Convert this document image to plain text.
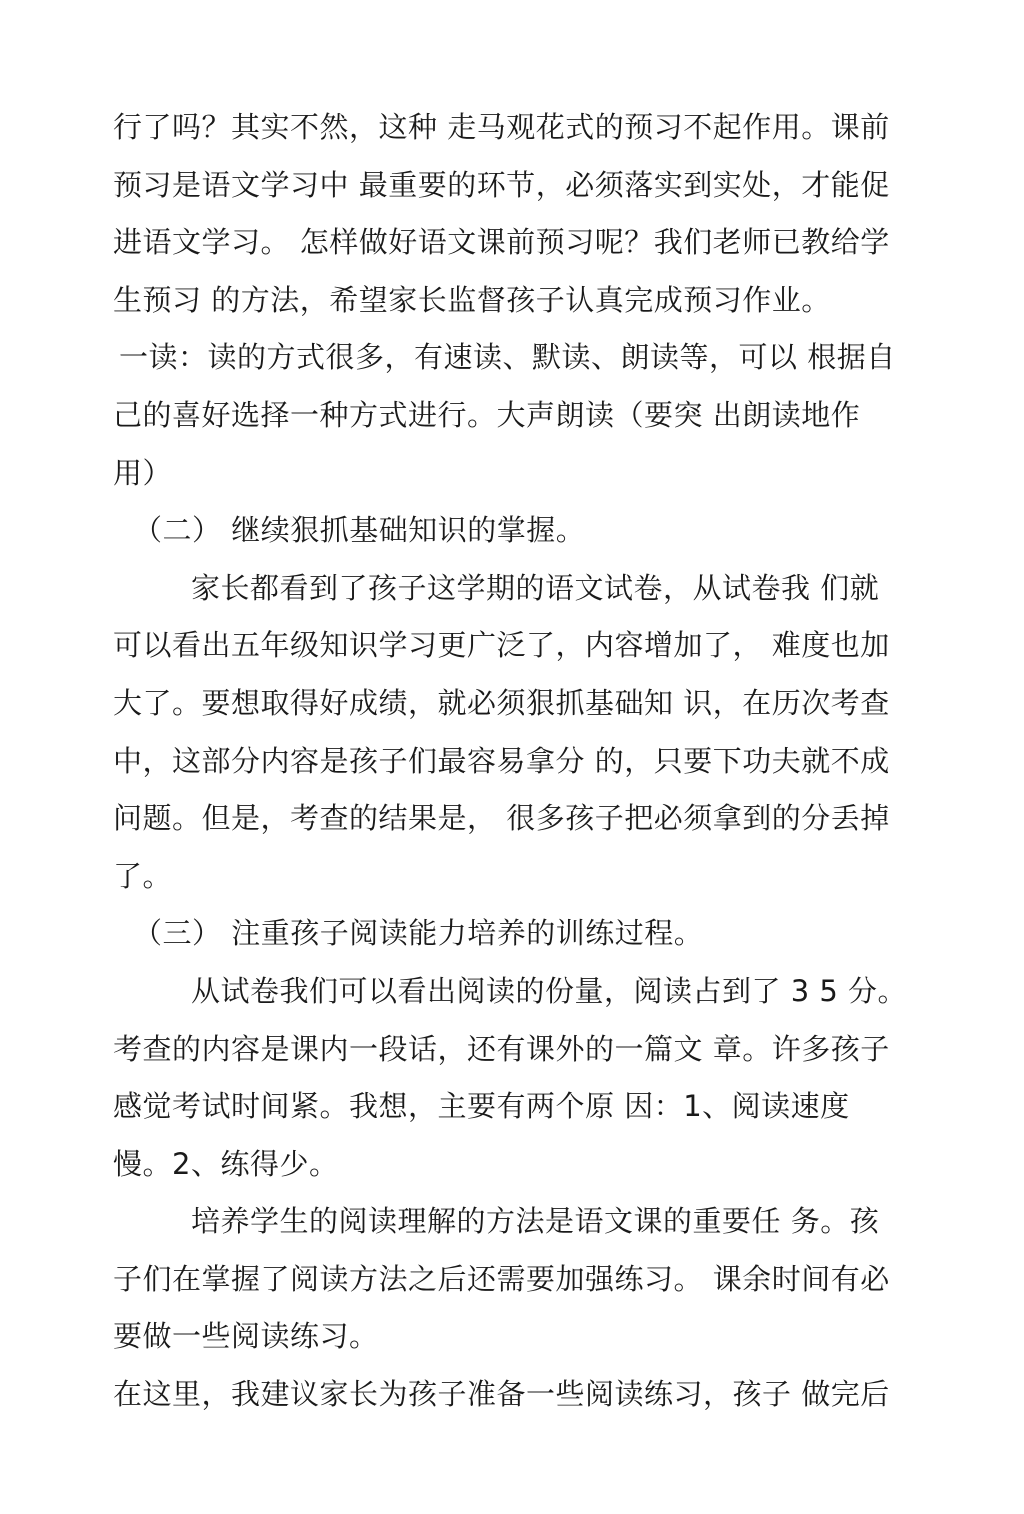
行了吗？其实不然，这种 走马观花式的预习不起作用。课前
预习是语文学习中 最重要的环节，必须落实到实处，才能促
进语文学习。 怎样做好语文课前预习呢？我们老师已教给学
生预习 的方法，希望家长监督孩子认真完成预习作业。
一读：读的方式很多，有速读、默读、朗读等，可以 根据自
己的喜好选择一种方式进行。大声朗读（要突 出朗读地作
用）
（二） 继续狠抓基础知识的掌握。
家长都看到了孩子这学期的语文试卷，从试卷我 们就
可以看出五年级知识学习更广泛了，内容增加了， 难度也加
大了。要想取得好成绩，就必须狠抓基础知 识，在历次考查
中，这部分内容是孩子们最容易拿分 的，只要下功夫就不成
问题。但是，考查的结果是， 很多孩子把必须拿到的分丢掉
了。
（三） 注重孩子阅读能力培养的训练过程。
从试卷我们可以看出阅读的份量，阅读占到了 3 5 分。
考查的内容是课内一段话，还有课外的一篇文 章。许多孩子
感觉考试时间紧。我想，主要有两个原 因：1、阅读速度
慢。2、练得少。
培养学生的阅读理解的方法是语文课的重要任 务。孩
子们在掌握了阅读方法之后还需要加强练习。 课余时间有必
要做一些阅读练习。
在这里，我建议家长为孩子准备一些阅读练习，孩子 做完后
